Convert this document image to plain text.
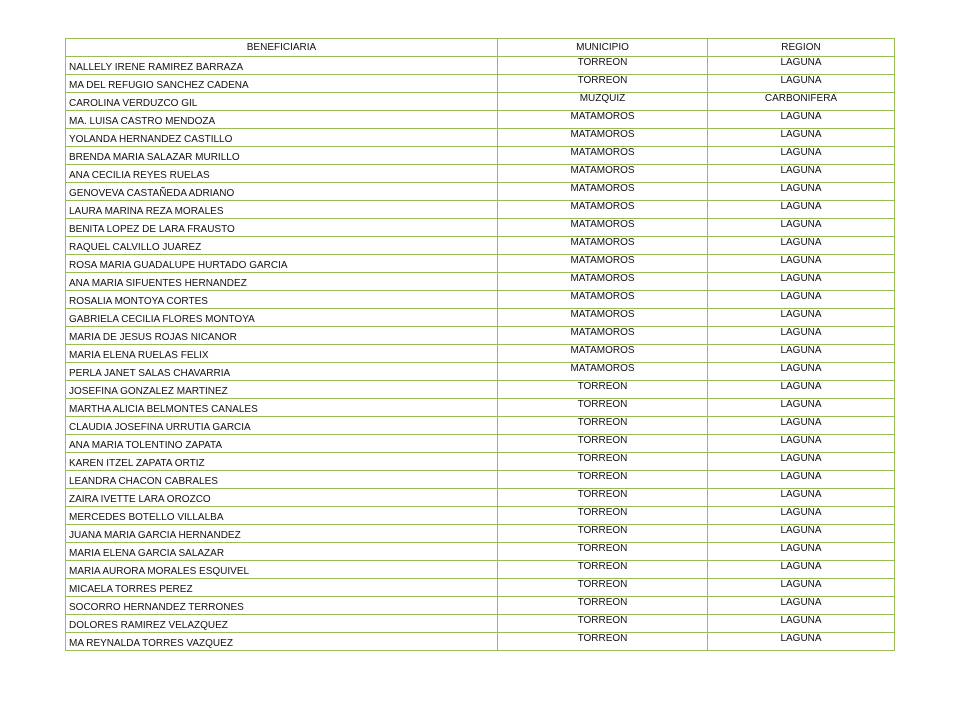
BENEFICIARIA	MUNICIPIO	REGION
NALLELY IRENE RAMIREZ BARRAZA	TORREON	LAGUNA
MA DEL REFUGIO SANCHEZ CADENA	TORREON	LAGUNA
CAROLINA VERDUZCO GIL	MUZQUIZ	CARBONIFERA
MA. LUISA CASTRO MENDOZA	MATAMOROS	LAGUNA
YOLANDA HERNANDEZ CASTILLO	MATAMOROS	LAGUNA
BRENDA MARIA SALAZAR MURILLO	MATAMOROS	LAGUNA
ANA CECILIA REYES RUELAS	MATAMOROS	LAGUNA
GENOVEVA CASTAÑEDA ADRIANO	MATAMOROS	LAGUNA
LAURA MARINA REZA MORALES	MATAMOROS	LAGUNA
BENITA LOPEZ DE LARA FRAUSTO	MATAMOROS	LAGUNA
RAQUEL CALVILLO JUAREZ	MATAMOROS	LAGUNA
ROSA MARIA GUADALUPE HURTADO GARCIA	MATAMOROS	LAGUNA
ANA MARIA SIFUENTES HERNANDEZ	MATAMOROS	LAGUNA
ROSALIA MONTOYA CORTES	MATAMOROS	LAGUNA
GABRIELA CECILIA FLORES MONTOYA	MATAMOROS	LAGUNA
MARIA DE JESUS ROJAS NICANOR	MATAMOROS	LAGUNA
MARIA ELENA RUELAS FELIX	MATAMOROS	LAGUNA
PERLA JANET SALAS CHAVARRIA	MATAMOROS	LAGUNA
JOSEFINA GONZALEZ MARTINEZ	TORREON	LAGUNA
MARTHA ALICIA BELMONTES CANALES	TORREON	LAGUNA
CLAUDIA JOSEFINA URRUTIA GARCIA	TORREON	LAGUNA
ANA MARIA TOLENTINO ZAPATA	TORREON	LAGUNA
KAREN ITZEL ZAPATA ORTIZ	TORREON	LAGUNA
LEANDRA CHACON CABRALES	TORREON	LAGUNA
ZAIRA IVETTE LARA OROZCO	TORREON	LAGUNA
MERCEDES BOTELLO VILLALBA	TORREON	LAGUNA
JUANA MARIA GARCIA HERNANDEZ	TORREON	LAGUNA
MARIA ELENA GARCIA SALAZAR	TORREON	LAGUNA
MARIA AURORA MORALES ESQUIVEL	TORREON	LAGUNA
MICAELA TORRES PEREZ	TORREON	LAGUNA
SOCORRO HERNANDEZ TERRONES	TORREON	LAGUNA
DOLORES RAMIREZ VELAZQUEZ	TORREON	LAGUNA
MA REYNALDA TORRES VAZQUEZ	TORREON	LAGUNA
